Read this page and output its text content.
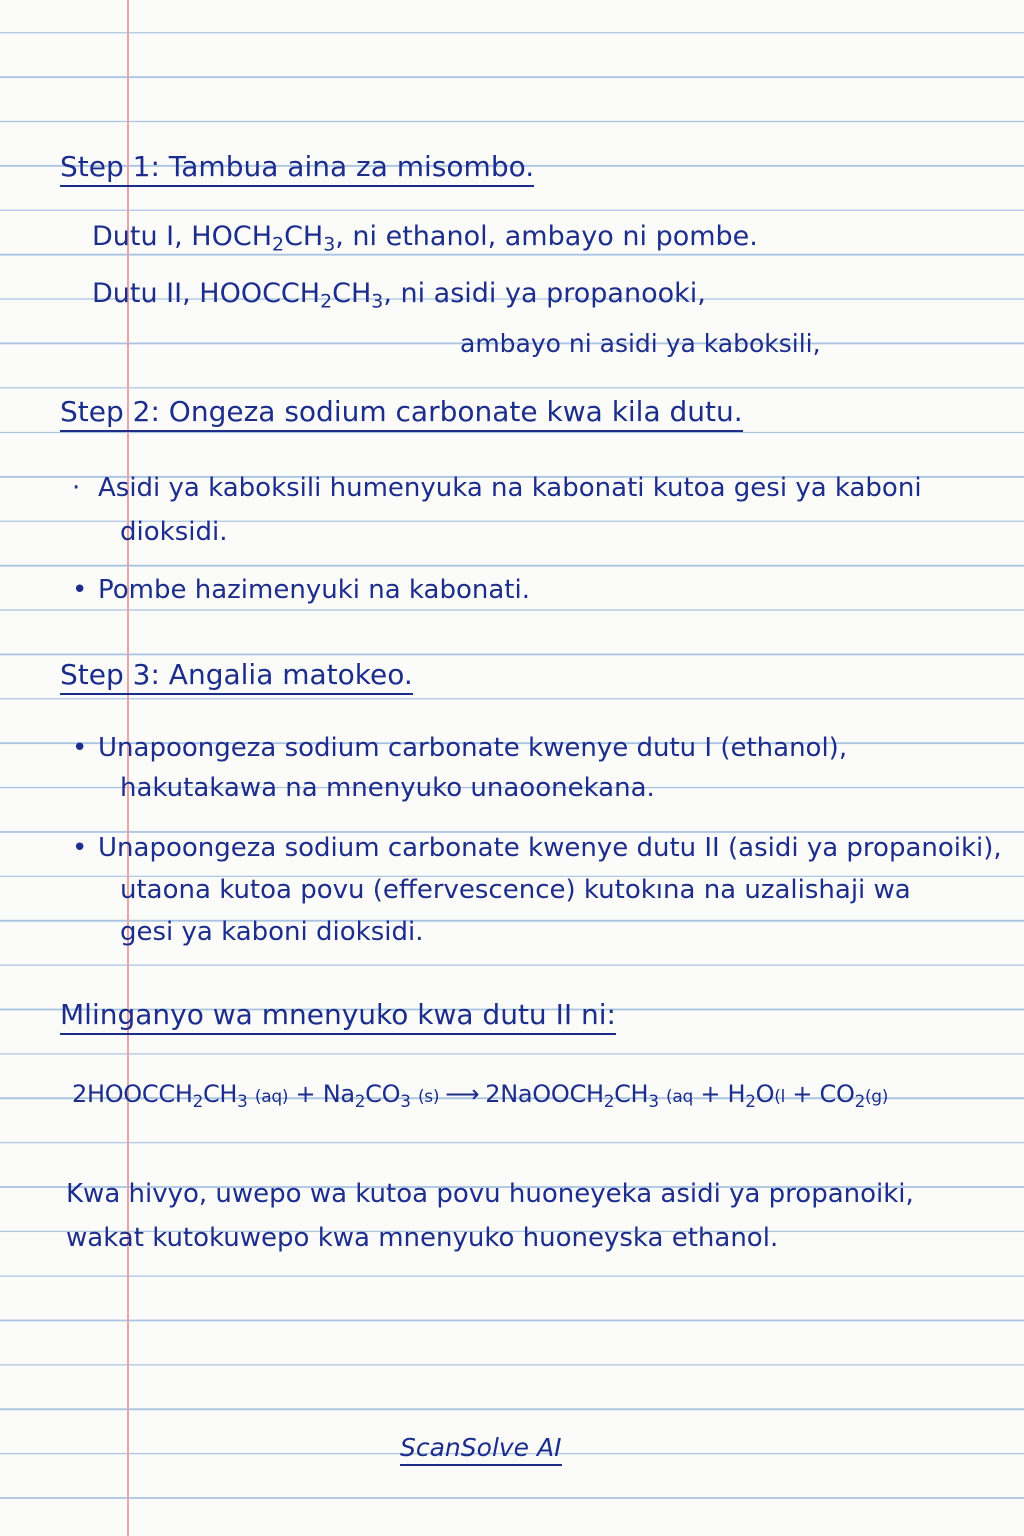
Step 1: Tambua aina za misombo.
Dutu I, $HOCH_2CH_3$, ni ethanol, ambayo ni pombe.
Dutu II, $HOOCCH_2CH_3$, ni asidi ya propanooki,
ambayo ni asidi ya kaboksili,
Step 2: Ongeza sodium carbonate kwa kila dutu.
· Asidi ya kaboksili humenyuka na kabonati kutoa gesi ya kaboni
dioksidi.
• Pombe hazimenyuki na kabonati.
Step 3: Angalia matokeo.
• Unapoongeza sodium carbonate kwenye dutu I (ethanol),
hakutakawa na mnenyuko unaoonekana.
• Unapoongeza sodium carbonate kwenye dutu II (asidi ya propanoiki),
utaona kutoa povu (effervescence) kutokına na uzalishaji wa
gesi ya kaboni dioksidi.
Mlinganyo wa mnenyuko kwa dutu II ni:
$2HOOCCH_2CH_3$ $(aq) + Na_2CO_3$ (s) ⟶ $2NaOOCH_2CH_3$ ($aq + H_2O(l + CO_2(g)$
Kwa hivyo, uwepo wa kutoa povu huoneyeka asidi ya propanoiki,
wakat kutokuwepo kwa mnenyuko huoneyska ethanol.
ScanSolve AI
